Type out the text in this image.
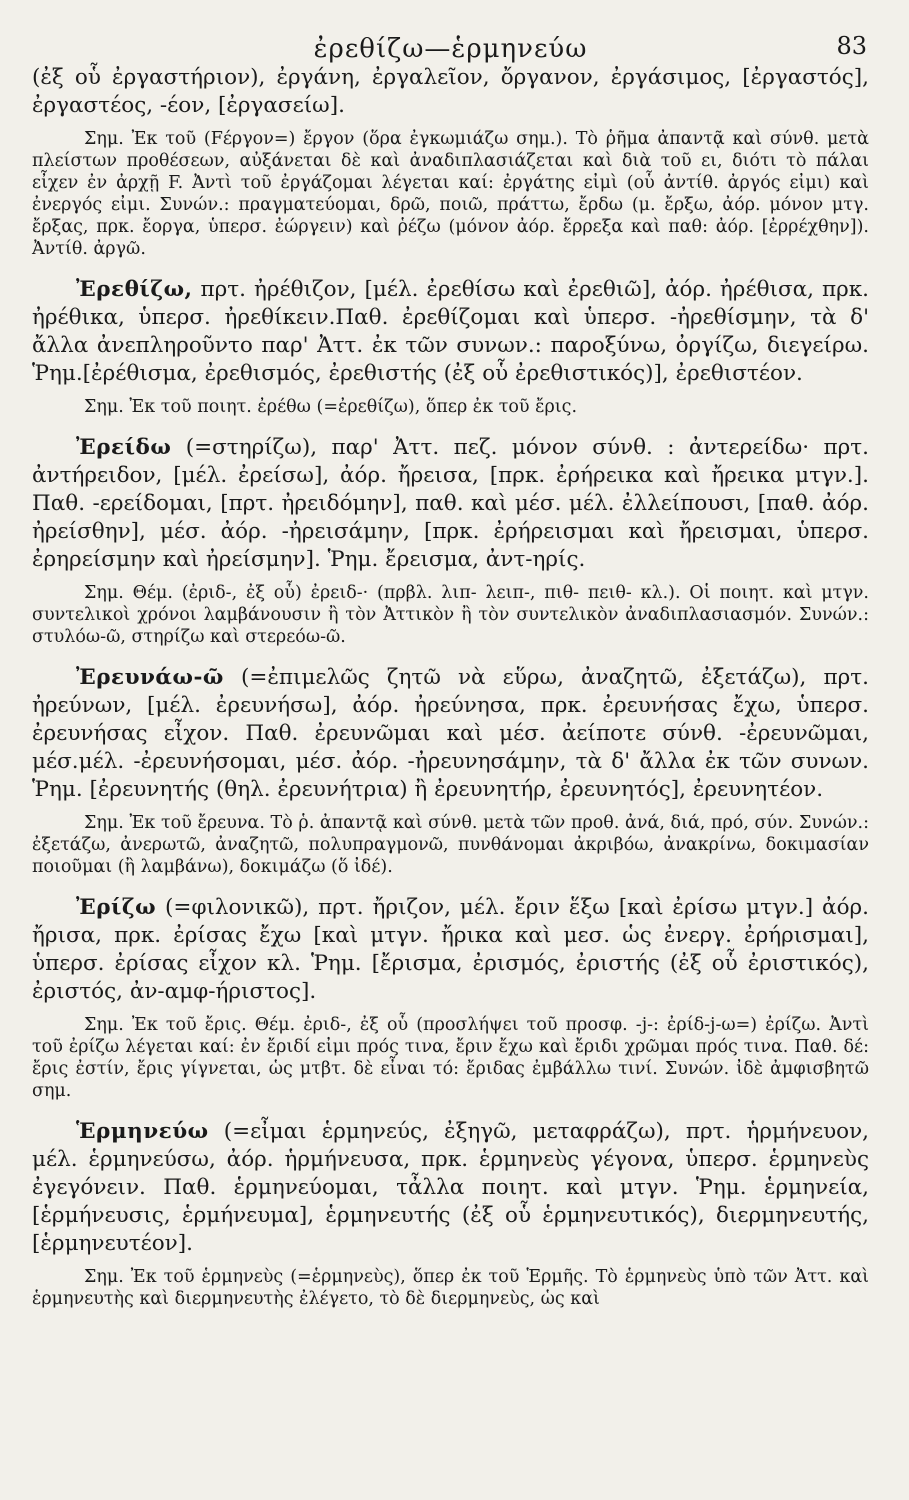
ἐρεθίζω—ἑρμηνεύω	83

(ἐξ οὗ ἐργαστήριον), ἐργάνη, ἐργαλεῖον, ὄργανον, ἐργάσιμος, [ἐργαστός], ἐργαστέος, -έον, [ἐργασείω].

Σημ. Ἐκ τοῦ (Fέργον=) ἔργον (ὅρα ἐγκωμιάζω σημ.). Τὸ ῥῆμα ἀπαντᾷ καὶ σύνθ. μετὰ πλείστων προθέσεων, αὐξάνεται δὲ καὶ ἀναδιπλασιάζεται καὶ διὰ τοῦ ει, διότι τὸ πάλαι εἶχεν ἐν ἀρχῇ F. Ἀντὶ τοῦ ἐργάζομαι λέγεται καί: ἐργάτης εἰμὶ (οὗ ἀντίθ. ἀργός εἰμι) καὶ ἐνεργός εἰμι. Συνών.: πραγματεύομαι, δρῶ, ποιῶ, πράττω, ἔρδω (μ. ἔρξω, ἀόρ. μόνον μτγ. ἔρξας, πρκ. ἔοργα, ὑπερσ. ἐώργειν) καὶ ῥέζω (μόνον ἀόρ. ἔρρεξα καὶ παθ: ἀόρ. [ἐρρέχθην]). Ἀντίθ. ἀργῶ.

Ἐρεθίζω, πρτ. ἠρέθιζον, [μέλ. ἐρεθίσω καὶ ἐρεθιῶ], ἀόρ. ἠρέθισα, πρκ. ἠρέθικα, ὑπερσ. ἠρεθίκειν.Παθ. ἐρεθίζομαι καὶ ὑπερσ. -ἠρεθίσμην, τὰ δ' ἄλλα ἀνεπληροῦντο παρ' Ἀττ. ἐκ τῶν συνων.: παροξύνω, ὀργίζω, διεγείρω. Ῥημ.[ἐρέθισμα, ἐρεθισμός, ἐρεθιστής (ἐξ οὗ ἐρεθιστικός)], ἐρεθιστέον.

Σημ. Ἐκ τοῦ ποιητ. ἐρέθω (=ἐρεθίζω), ὅπερ ἐκ τοῦ ἔρις.

Ἐρείδω (=στηρίζω), παρ' Ἀττ. πεζ. μόνον σύνθ. : ἀντερείδω· πρτ. ἀντήρειδον, [μέλ. ἐρείσω], ἀόρ. ἤρεισα, [πρκ. ἐρήρεικα καὶ ἤρεικα μτγν.]. Παθ. -ερείδομαι, [πρτ. ἠρειδόμην], παθ. καὶ μέσ. μέλ. ἐλλείπουσι, [παθ. ἀόρ. ἠρείσθην], μέσ. ἀόρ. -ἠρεισάμην, [πρκ. ἐρήρεισμαι καὶ ἤρεισμαι, ὑπερσ. ἐρηρείσμην καὶ ἠρείσμην]. Ῥημ. ἔρεισμα, ἀντ-ηρίς.

Σημ. Θέμ. (ἐριδ-, ἐξ οὗ) ἐρειδ-· (πρβλ. λιπ- λειπ-, πιθ- πειθ- κλ.). Οἱ ποιητ. καὶ μτγν. συντελικοὶ χρόνοι λαμβάνουσιν ἢ τὸν Ἀττικὸν ἢ τὸν συντελικὸν ἀναδιπλασιασμόν. Συνών.: στυλόω-ῶ, στηρίζω καὶ στερεόω-ῶ.

Ἐρευνάω-ῶ (=ἐπιμελῶς ζητῶ νὰ εὕρω, ἀναζητῶ, ἐξετάζω), πρτ. ἠρεύνων, [μέλ. ἐρευνήσω], ἀόρ. ἠρεύνησα, πρκ. ἐρευνήσας ἔχω, ὑπερσ. ἐρευνήσας εἶχον. Παθ. ἐρευνῶμαι καὶ μέσ. ἀείποτε σύνθ. -ἐρευνῶμαι, μέσ.μέλ. -ἐρευνήσομαι, μέσ. ἀόρ. -ἠρευνησάμην, τὰ δ' ἄλλα ἐκ τῶν συνων. Ῥημ. [ἐρευνητής (θηλ. ἐρευνήτρια) ἢ ἐρευνητήρ, ἐρευνητός], ἐρευνητέον.

Σημ. Ἐκ τοῦ ἔρευνα. Τὸ ῥ. ἀπαντᾷ καὶ σύνθ. μετὰ τῶν προθ. ἀνά, διά, πρό, σύν. Συνών.: ἐξετάζω, ἀνερωτῶ, ἀναζητῶ, πολυπραγμονῶ, πυνθάνομαι ἀκριβόω, ἀνακρίνω, δοκιμασίαν ποιοῦμαι (ἢ λαμβάνω), δοκιμάζω (ὅ ἰδέ).

Ἐρίζω (=φιλονικῶ), πρτ. ἤριζον, μέλ. ἔριν ἕξω [καὶ ἐρίσω μτγν.] ἀόρ. ἤρισα, πρκ. ἐρίσας ἔχω [καὶ μτγν. ἤρικα καὶ μεσ. ὡς ἐνεργ. ἐρήρισμαι], ὑπερσ. ἐρίσας εἶχον κλ. Ῥημ. [ἔρισμα, ἐρισμός, ἐριστής (ἐξ οὗ ἐριστικός), ἐριστός, ἀν-αμφ-ήριστος].

Σημ. Ἐκ τοῦ ἔρις. Θέμ. ἐριδ-, ἐξ οὗ (προσλήψει τοῦ προσφ. -j-: ἐρίδ-j-ω=) ἐρίζω. Ἀντὶ τοῦ ἐρίζω λέγεται καί: ἐν ἔριδί εἰμι πρός τινα, ἔριν ἔχω καὶ ἔριδι χρῶμαι πρός τινα. Παθ. δέ: ἔρις ἐστίν, ἔρις γίγνεται, ὡς μτβτ. δὲ εἶναι τό: ἔριδας ἐμβάλλω τινί. Συνών. ἰδὲ ἀμφισβητῶ σημ.

Ἑρμηνεύω (=εἶμαι ἑρμηνεύς, ἐξηγῶ, μεταφράζω), πρτ. ἡρμήνευον, μέλ. ἑρμηνεύσω, ἀόρ. ἡρμήνευσα, πρκ. ἑρμηνεὺς γέγονα, ὑπερσ. ἑρμηνεὺς ἐγεγόνειν. Παθ. ἑρμηνεύομαι, τἆλλα ποιητ. καὶ μτγν. Ῥημ. ἑρμηνεία, [ἑρμήνευσις, ἑρμήνευμα], ἑρμηνευτής (ἐξ οὗ ἑρμηνευτικός), διερμηνευτής, [ἑρμηνευτέον].

Σημ. Ἐκ τοῦ ἑρμηνεὺς (=ἑρμηνεὺς), ὅπερ ἐκ τοῦ Ἑρμῆς. Τὸ ἑρμηνεὺς ὑπὸ τῶν Ἀττ. καὶ ἑρμηνευτὴς καὶ διερμηνευτὴς ἐλέγετο, τὸ δὲ διερμηνεὺς, ὡς καὶ
